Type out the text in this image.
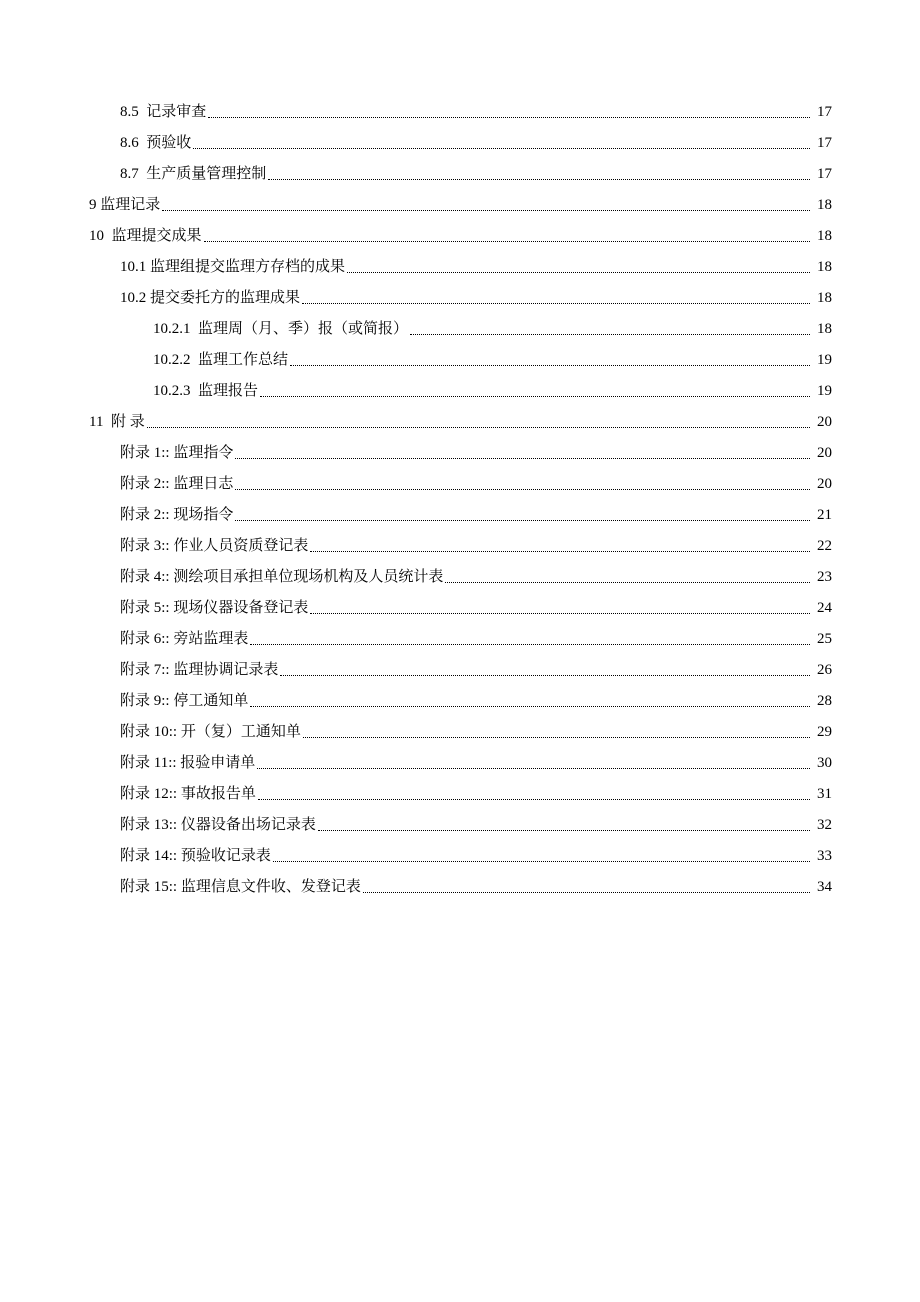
8.5 记录审查	17
8.6 预验收	17
8.7 生产质量管理控制	17
9 监理记录	18
10 监理提交成果	18
10.1 监理组提交监理方存档的成果	18
10.2 提交委托方的监理成果	18
10.2.1 监理周（月、季）报（或简报）	18
10.2.2 监理工作总结	19
10.2.3 监理报告	19
11 附 录	20
附录 1:: 监理指令	20
附录 2:: 监理日志	20
附录 2:: 现场指令	21
附录 3:: 作业人员资质登记表	22
附录 4:: 测绘项目承担单位现场机构及人员统计表	23
附录 5:: 现场仪器设备登记表	24
附录 6:: 旁站监理表	25
附录 7:: 监理协调记录表	26
附录 9:: 停工通知单	28
附录 10:: 开（复）工通知单	29
附录 11:: 报验申请单	30
附录 12:: 事故报告单	31
附录 13:: 仪器设备出场记录表	32
附录 14:: 预验收记录表	33
附录 15:: 监理信息文件收、发登记表	34
